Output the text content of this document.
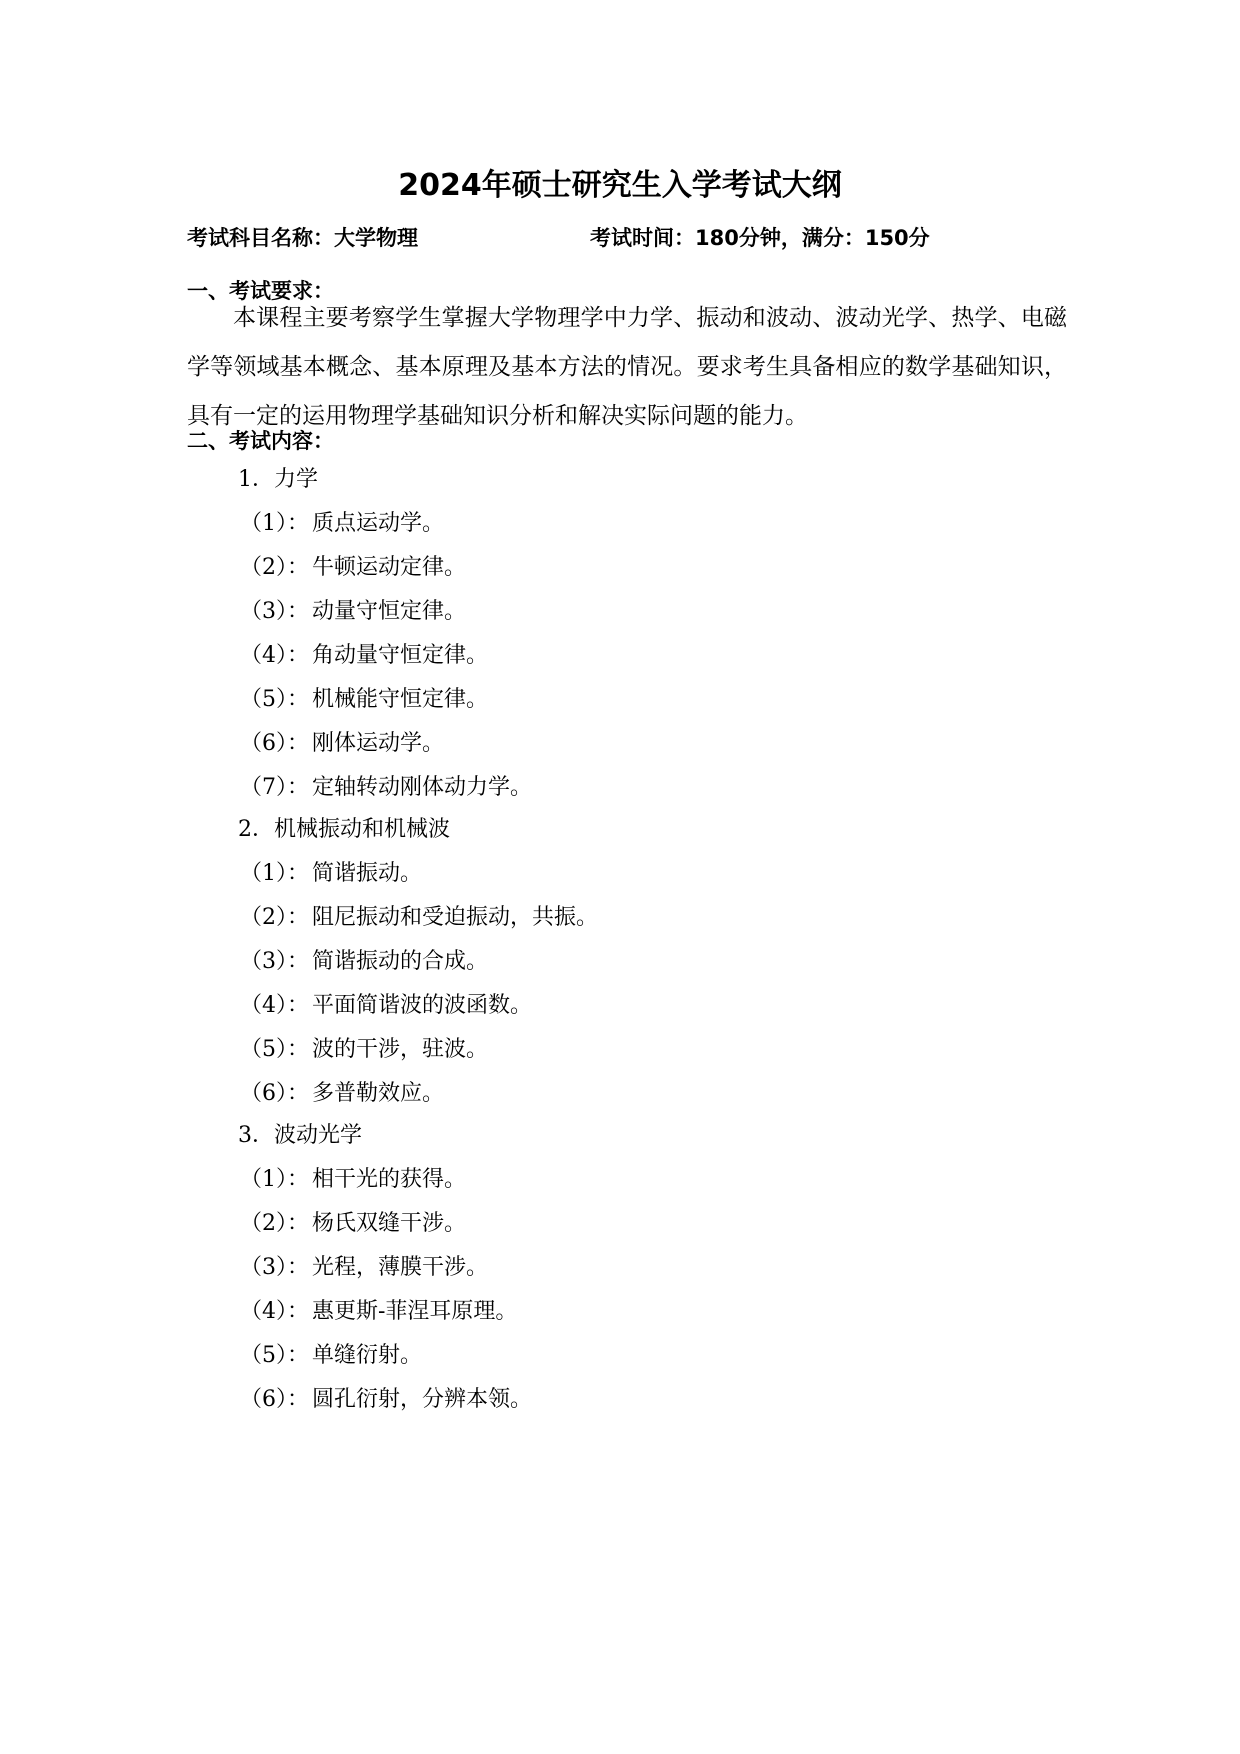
2024年硕士研究生入学考试大纲
考试科目名称：大学物理	考试时间：180分钟，满分：150分
一、考试要求：
本课程主要考察学生掌握大学物理学中力学、振动和波动、波动光学、热学、电磁学等领域基本概念、基本原理及基本方法的情况。要求考生具备相应的数学基础知识，具有一定的运用物理学基础知识分析和解决实际问题的能力。
二、考试内容：
1．力学
（1）： 质点运动学。
（2）： 牛顿运动定律。
（3）： 动量守恒定律。
（4）： 角动量守恒定律。
（5）： 机械能守恒定律。
（6）： 刚体运动学。
（7）： 定轴转动刚体动力学。
2．机械振动和机械波
（1）： 简谐振动。
（2）： 阻尼振动和受迫振动，共振。
（3）： 简谐振动的合成。
（4）： 平面简谐波的波函数。
（5）： 波的干涉，驻波。
（6）： 多普勒效应。
3．波动光学
（1）： 相干光的获得。
（2）： 杨氏双缝干涉。
（3）： 光程，薄膜干涉。
（4）： 惠更斯-菲涅耳原理。
（5）： 单缝衍射。
（6）： 圆孔衍射，分辨本领。
